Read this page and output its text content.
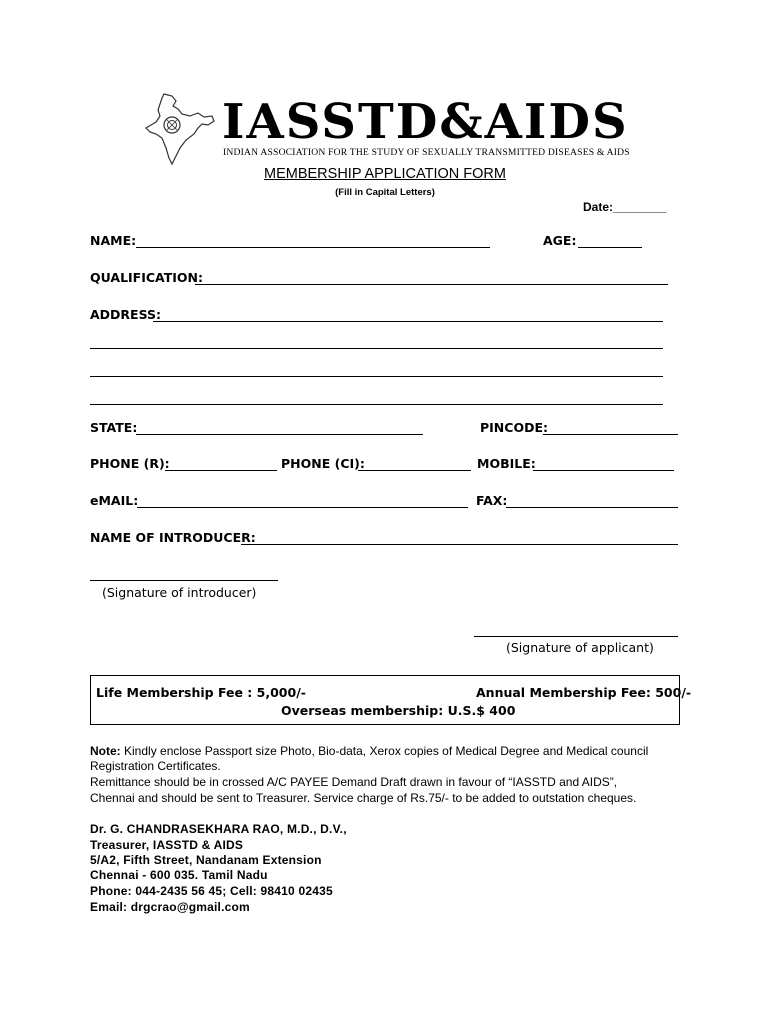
IASSTD&AIDS
INDIAN ASSOCIATION FOR THE STUDY OF SEXUALLY TRANSMITTED DISEASES & AIDS
MEMBERSHIP APPLICATION FORM
(Fill in Capital Letters)
Date:________
NAME:	AGE:
QUALIFICATION:
ADDRESS:
STATE:	PINCODE:
PHONE (R):	PHONE (CI):	MOBILE:
eMAIL:	FAX:
NAME OF INTRODUCER:
(Signature of introducer)
(Signature of applicant)
Life Membership Fee : 5,000/-	Annual Membership Fee: 500/-
Overseas membership: U.S.$ 400
Note: Kindly enclose Passport size Photo, Bio-data, Xerox copies of Medical Degree and Medical council
Registration Certificates.
Remittance should be in crossed A/C PAYEE Demand Draft drawn in favour of “IASSTD and AIDS”,
Chennai and should be sent to Treasurer. Service charge of Rs.75/- to be added to outstation cheques.
Dr. G. CHANDRASEKHARA RAO, M.D., D.V.,
Treasurer, IASSTD & AIDS
5/A2, Fifth Street, Nandanam Extension
Chennai - 600 035. Tamil Nadu
Phone: 044-2435 56 45; Cell: 98410 02435
Email: drgcrao@gmail.com
